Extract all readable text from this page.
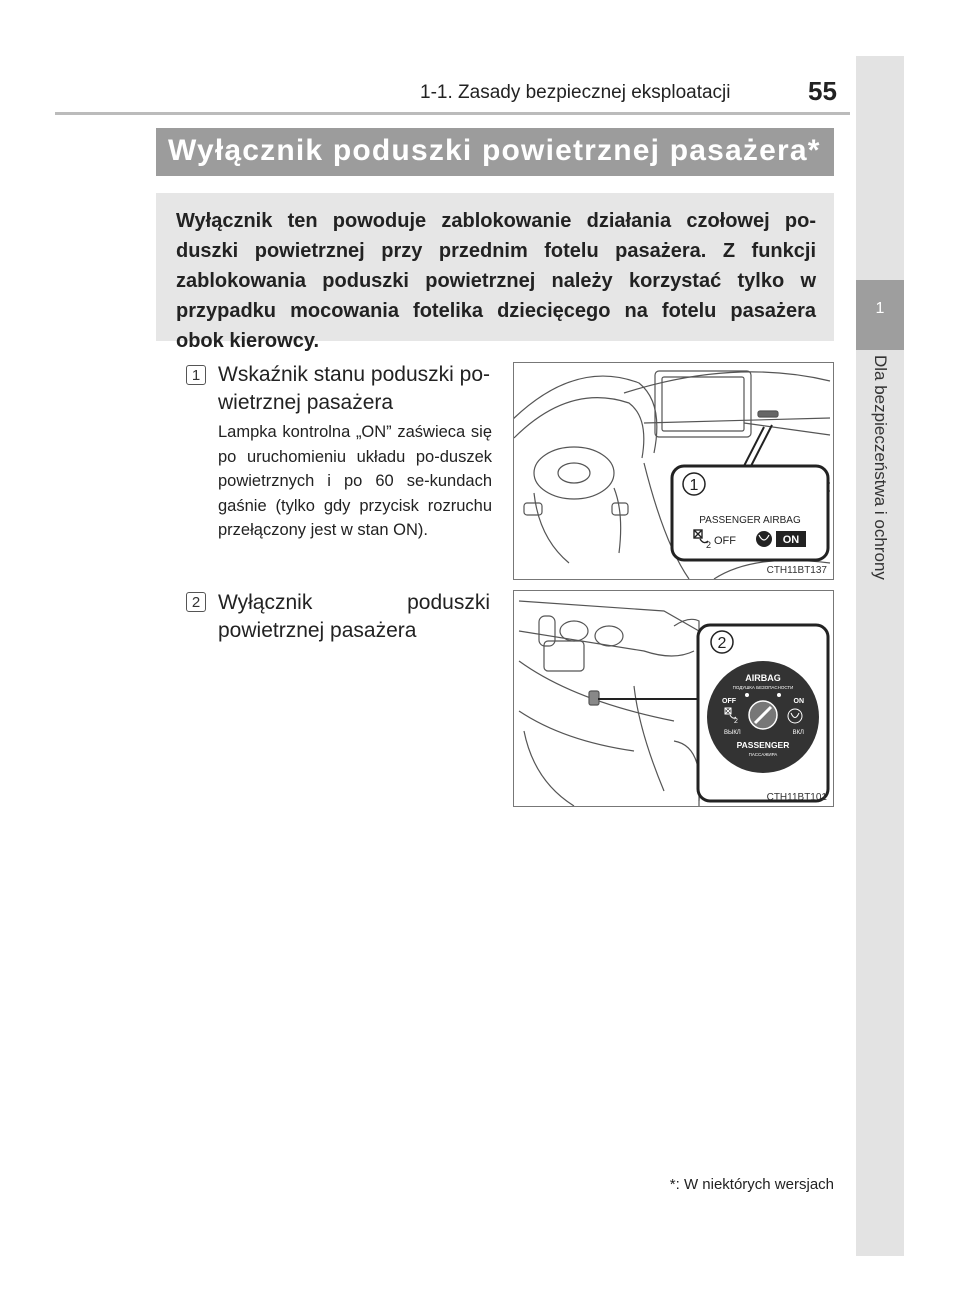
1-1. Zasady bezpiecznej eksploatacji	55
1
Dla bezpieczeństwa i ochrony
Wyłącznik poduszki powietrznej pasażera*
Wyłącznik ten powoduje zablokowanie działania czołowej po-duszki powietrznej przy przednim fotelu pasażera. Z funkcji zablokowania poduszki powietrznej należy korzystać tylko w przypadku mocowania fotelika dziecięcego na fotelu pasażera obok kierowcy.
1 Wskaźnik stanu poduszki po-wietrznej pasażera
Lampka kontrolna „ON” zaświeca się po uruchomieniu układu po-duszek powietrznych i po 60 se-kundach gaśnie (tylko gdy przycisk rozruchu przełączony jest w stan ON).
2 Wyłącznik poduszki powietrznej pasażera
1
PASSENGER AIRBAG
2 OFF	ON
CTH11BT137
2
AIRBAG
ПОДУШКА БЕЗОПАСНОСТИ
OFF	ON
2
ВЫКЛ	ВКЛ
PASSENGER
ПАССАЖИРА
CTH11BT101
*: W niektórych wersjach
